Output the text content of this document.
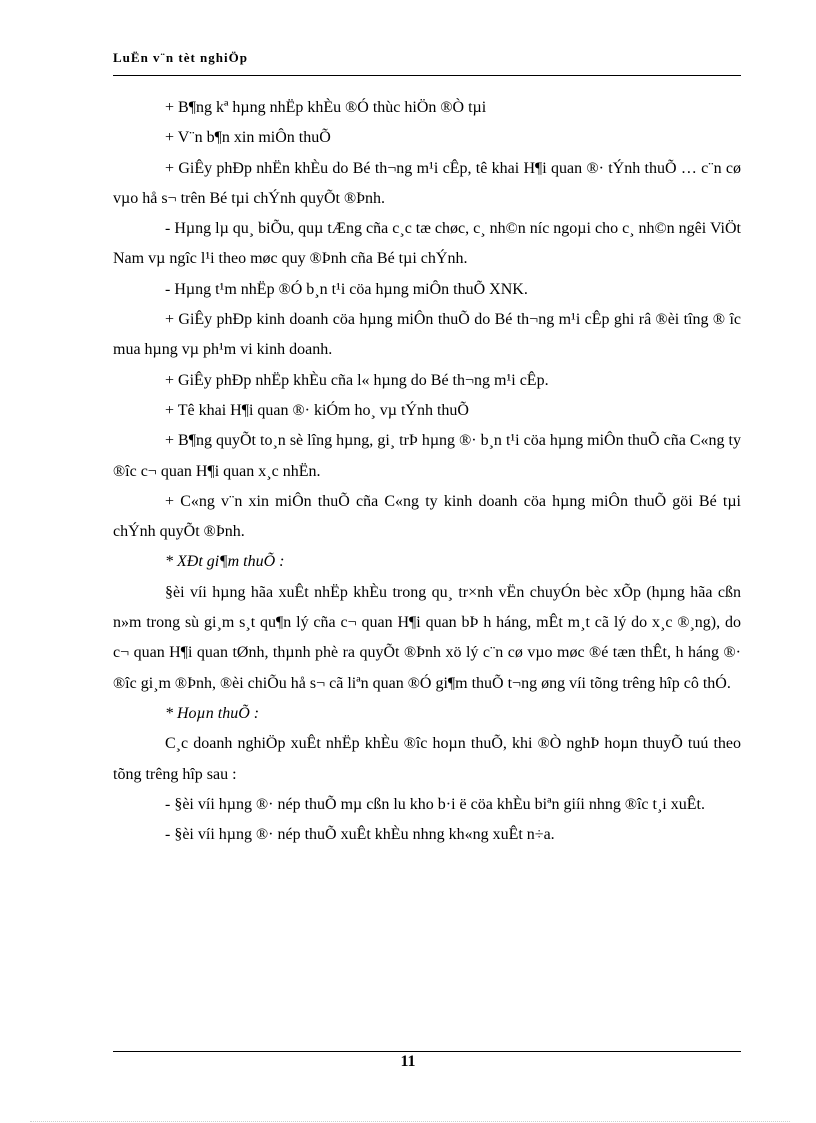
LuËn v¨n tèt nghiÖp

+ B¶ng kª hµng nhËp khÈu ®Ó thùc hiÖn ®Ò tµi

+ V¨n b¶n xin miÔn thuÕ

+ GiÊy phÐp nhËn khÈu do Bé th¬ng m¹i cÊp, tê khai H¶i quan ®· tÝnh thuÕ … c¨n cø vµo hå s¬ trên Bé tµi chÝnh quyÕt ®Þnh.

- Hµng lµ qu¸ biÕu, quµ tÆng cña c¸c tæ chøc, c¸ nh©n níc ngoµi cho c¸ nh©n ngêi ViÖt Nam vµ ngîc l¹i theo møc quy ®Þnh cña Bé tµi chÝnh.

- Hµng t¹m nhËp ®Ó b¸n t¹i cöa hµng miÔn thuÕ XNK.

+ GiÊy phÐp kinh doanh cöa hµng miÔn thuÕ do Bé th¬ng m¹i cÊp ghi râ ®èi tîng ® îc mua hµng vµ ph¹m vi kinh doanh.

+ GiÊy phÐp nhËp khÈu cña l« hµng do Bé th¬ng m¹i cÊp.

+ Tê khai H¶i quan ®· kiÓm ho¸ vµ tÝnh thuÕ

+ B¶ng quyÕt to¸n sè lîng hµng, gi¸ trÞ hµng ®· b¸n t¹i cöa hµng miÔn thuÕ cña C«ng ty ®îc c¬ quan H¶i quan x¸c nhËn.

+ C«ng v¨n xin miÔn thuÕ cña C«ng ty kinh doanh cöa hµng miÔn thuÕ göi Bé tµi chÝnh quyÕt ®Þnh.

* XÐt gi¶m thuÕ :

§èi víi hµng hãa xuÊt nhËp khÈu trong qu¸ tr×nh vËn chuyÓn bèc xÕp (hµng hãa cßn n»m trong sù gi¸m s¸t qu¶n lý cña c¬ quan H¶i quan bÞ h háng, mÊt m¸t cã lý do x¸c ®¸ng), do c¬ quan H¶i quan tØnh, thµnh phè ra quyÕt ®Þnh xö lý c¨n cø vµo møc ®é tæn thÊt, h háng ®· ®îc gi¸m ®Þnh, ®èi chiÕu hå s¬ cã liªn quan ®Ó gi¶m thuÕ t¬ng øng víi tõng trêng hîp cô thÓ.

* Hoµn thuÕ :

C¸c doanh nghiÖp xuÊt nhËp khÈu ®îc hoµn thuÕ, khi ®Ò nghÞ hoµn thuyÕ tuú theo tõng trêng hîp sau :

- §èi víi hµng ®· nép thuÕ mµ cßn lu kho b·i ë cöa khÈu biªn giíi nhng ®îc t¸i xuÊt.

- §èi víi hµng ®· nép thuÕ xuÊt khÈu nhng kh«ng xuÊt n÷a.

11
